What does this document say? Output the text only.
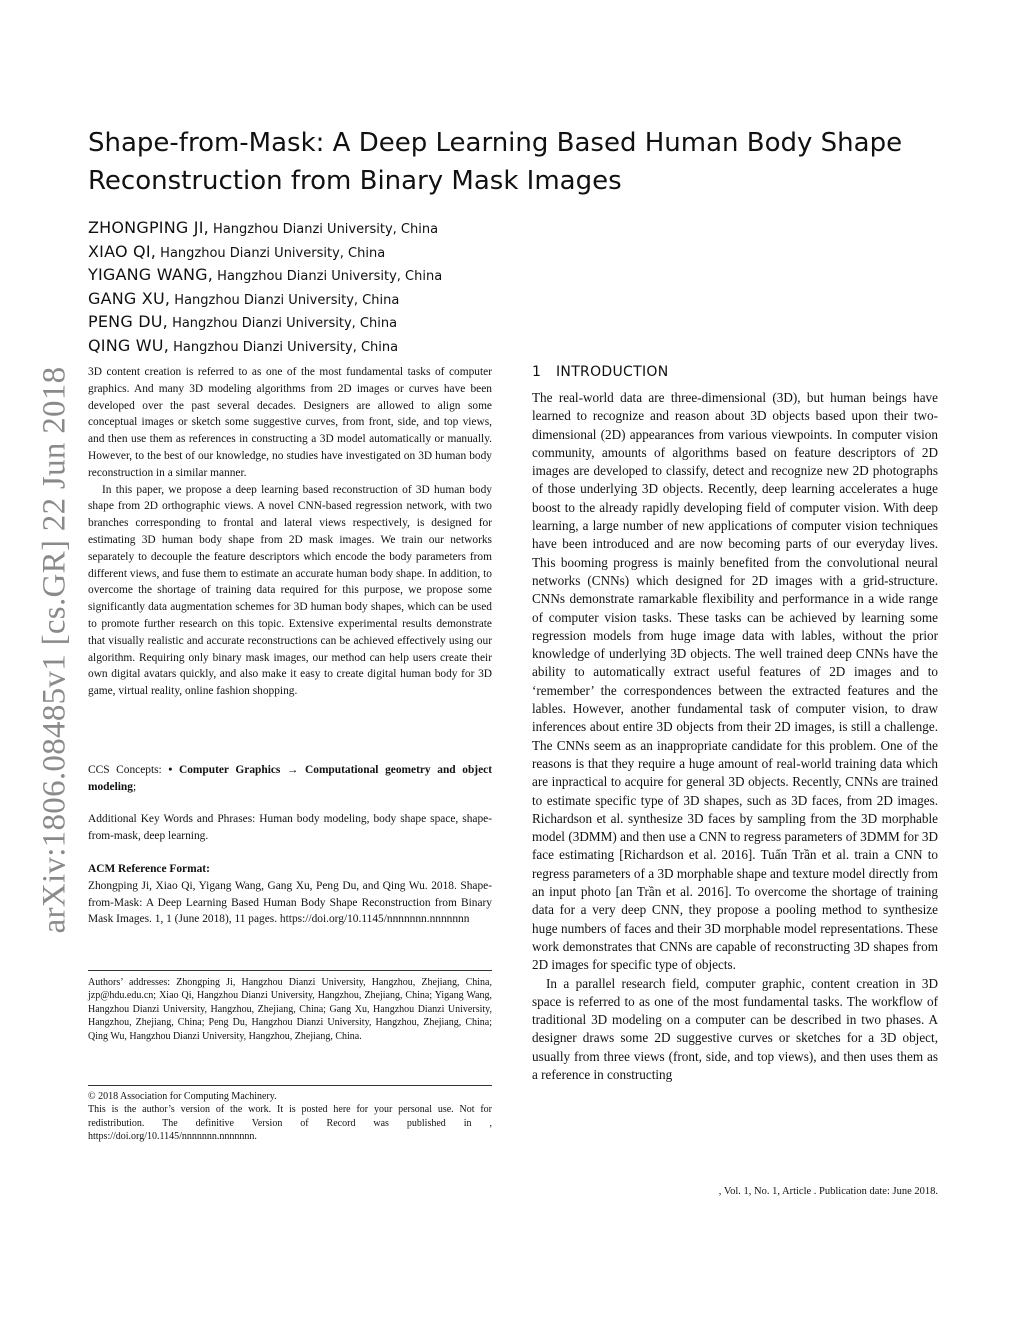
arXiv:1806.08485v1 [cs.GR] 22 Jun 2018
Shape-from-Mask: A Deep Learning Based Human Body Shape
Reconstruction from Binary Mask Images
ZHONGPING JI, Hangzhou Dianzi University, China
XIAO QI, Hangzhou Dianzi University, China
YIGANG WANG, Hangzhou Dianzi University, China
GANG XU, Hangzhou Dianzi University, China
PENG DU, Hangzhou Dianzi University, China
QING WU, Hangzhou Dianzi University, China

3D content creation is referred to as one of the most fundamental tasks of computer graphics. And many 3D modeling algorithms from 2D images or curves have been developed over the past several decades. Designers are allowed to align some conceptual images or sketch some suggestive curves, from front, side, and top views, and then use them as references in constructing a 3D model automatically or manually. However, to the best of our knowledge, no studies have investigated on 3D human body reconstruction in a similar manner.

In this paper, we propose a deep learning based reconstruction of 3D human body shape from 2D orthographic views. A novel CNN-based regression network, with two branches corresponding to frontal and lateral views respectively, is designed for estimating 3D human body shape from 2D mask images. We train our networks separately to decouple the feature descriptors which encode the body parameters from different views, and fuse them to estimate an accurate human body shape. In addition, to overcome the shortage of training data required for this purpose, we propose some significantly data augmentation schemes for 3D human body shapes, which can be used to promote further research on this topic. Extensive experimental results demonstrate that visually realistic and accurate reconstructions can be achieved effectively using our algorithm. Requiring only binary mask images, our method can help users create their own digital avatars quickly, and also make it easy to create digital human body for 3D game, virtual reality, online fashion shopping.

CCS Concepts: • Computer Graphics → Computational geometry and object modeling;

Additional Key Words and Phrases: Human body modeling, body shape space, shape-from-mask, deep learning.

ACM Reference Format:

Zhongping Ji, Xiao Qi, Yigang Wang, Gang Xu, Peng Du, and Qing Wu. 2018. Shape-from-Mask: A Deep Learning Based Human Body Shape Reconstruction from Binary Mask Images. 1, 1 (June 2018), 11 pages. https://doi.org/10.1145/nnnnnnn.nnnnnnn

Authors’ addresses: Zhongping Ji, Hangzhou Dianzi University, Hangzhou, Zhejiang, China, jzp@hdu.edu.cn; Xiao Qi, Hangzhou Dianzi University, Hangzhou, Zhejiang, China; Yigang Wang, Hangzhou Dianzi University, Hangzhou, Zhejiang, China; Gang Xu, Hangzhou Dianzi University, Hangzhou, Zhejiang, China; Peng Du, Hangzhou Dianzi University, Hangzhou, Zhejiang, China; Qing Wu, Hangzhou Dianzi University, Hangzhou, Zhejiang, China.
© 2018 Association for Computing Machinery.
This is the author’s version of the work. It is posted here for your personal use. Not for redistribution. The definitive Version of Record was published in , https://doi.org/10.1145/nnnnnnn.nnnnnnn.
1 INTRODUCTION

The real-world data are three-dimensional (3D), but human beings have learned to recognize and reason about 3D objects based upon their two-dimensional (2D) appearances from various viewpoints. In computer vision community, amounts of algorithms based on feature descriptors of 2D images are developed to classify, detect and recognize new 2D photographs of those underlying 3D objects. Recently, deep learning accelerates a huge boost to the already rapidly developing field of computer vision. With deep learning, a large number of new applications of computer vision techniques have been introduced and are now becoming parts of our everyday lives. This booming progress is mainly benefited from the convolutional neural networks (CNNs) which designed for 2D images with a grid-structure. CNNs demonstrate ramarkable flexibility and performance in a wide range of computer vision tasks. These tasks can be achieved by learning some regression models from huge image data with lables, without the prior knowledge of underlying 3D objects. The well trained deep CNNs have the ability to automatically extract useful features of 2D images and to ‘remember’ the correspondences between the extracted features and the lables. However, another fundamental task of computer vision, to draw inferences about entire 3D objects from their 2D images, is still a challenge. The CNNs seem as an inappropriate candidate for this problem. One of the reasons is that they require a huge amount of real-world training data which are inpractical to acquire for general 3D objects. Recently, CNNs are trained to estimate specific type of 3D shapes, such as 3D faces, from 2D images. Richardson et al. synthesize 3D faces by sampling from the 3D morphable model (3DMM) and then use a CNN to regress parameters of 3DMM for 3D face estimating [Richardson et al. 2016]. Tuấn Trần et al. train a CNN to regress parameters of a 3D morphable shape and texture model directly from an input photo [an Trần et al. 2016]. To overcome the shortage of training data for a very deep CNN, they propose a pooling method to synthesize huge numbers of faces and their 3D morphable model representations. These work demonstrates that CNNs are capable of reconstructing 3D shapes from 2D images for specific type of objects.

In a parallel research field, computer graphic, content creation in 3D space is referred to as one of the most fundamental tasks. The workflow of traditional 3D modeling on a computer can be described in two phases. A designer draws some 2D suggestive curves or sketches for a 3D object, usually from three views (front, side, and top views), and then uses them as a reference in constructing

, Vol. 1, No. 1, Article . Publication date: June 2018.
